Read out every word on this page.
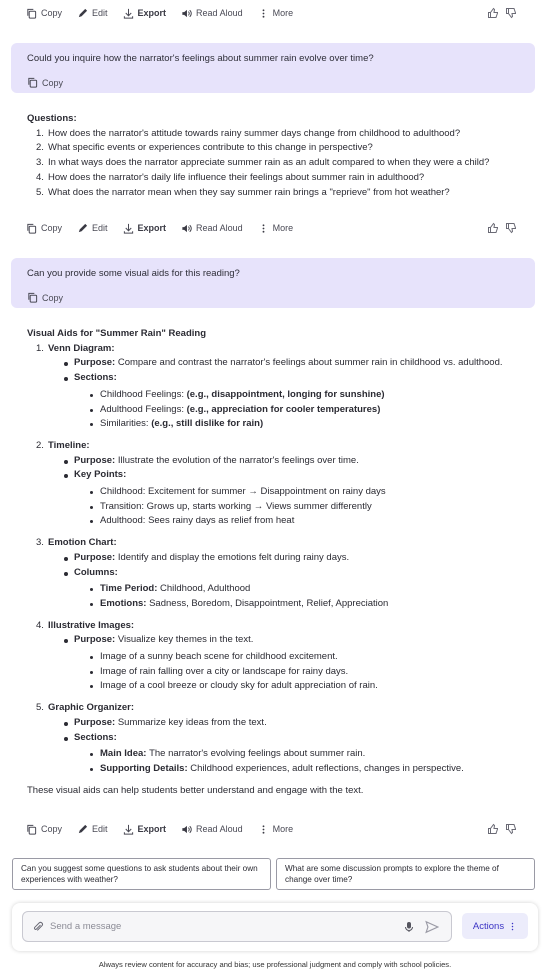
Copy	Edit	Export	Read Aloud	More
Could you inquire how the narrator's feelings about summer rain evolve over time?
Copy
Questions:
How does the narrator's attitude towards rainy summer days change from childhood to adulthood?
What specific events or experiences contribute to this change in perspective?
In what ways does the narrator appreciate summer rain as an adult compared to when they were a child?
How does the narrator's daily life influence their feelings about summer rain in adulthood?
What does the narrator mean when they say summer rain brings a "reprieve" from hot weather?
Copy	Edit	Export	Read Aloud	More
Can you provide some visual aids for this reading?
Copy
Visual Aids for "Summer Rain" Reading
Venn Diagram:
Purpose: Compare and contrast the narrator's feelings about summer rain in childhood vs. adulthood.
Sections:
Childhood Feelings: (e.g., disappointment, longing for sunshine)
Adulthood Feelings: (e.g., appreciation for cooler temperatures)
Similarities: (e.g., still dislike for rain)
Timeline:
Purpose: Illustrate the evolution of the narrator's feelings over time.
Key Points:
Childhood: Excitement for summer → Disappointment on rainy days
Transition: Grows up, starts working → Views summer differently
Adulthood: Sees rainy days as relief from heat
Emotion Chart:
Purpose: Identify and display the emotions felt during rainy days.
Columns:
Time Period: Childhood, Adulthood
Emotions: Sadness, Boredom, Disappointment, Relief, Appreciation
Illustrative Images:
Purpose: Visualize key themes in the text.
Image of a sunny beach scene for childhood excitement.
Image of rain falling over a city or landscape for rainy days.
Image of a cool breeze or cloudy sky for adult appreciation of rain.
Graphic Organizer:
Purpose: Summarize key ideas from the text.
Sections:
Main Idea: The narrator's evolving feelings about summer rain.
Supporting Details: Childhood experiences, adult reflections, changes in perspective.
These visual aids can help students better understand and engage with the text.
Copy	Edit	Export	Read Aloud	More
Can you suggest some questions to ask students about their own experiences with weather?
What are some discussion prompts to explore the theme of change over time?
Send a message
Actions
Always review content for accuracy and bias; use professional judgment and comply with school policies.
